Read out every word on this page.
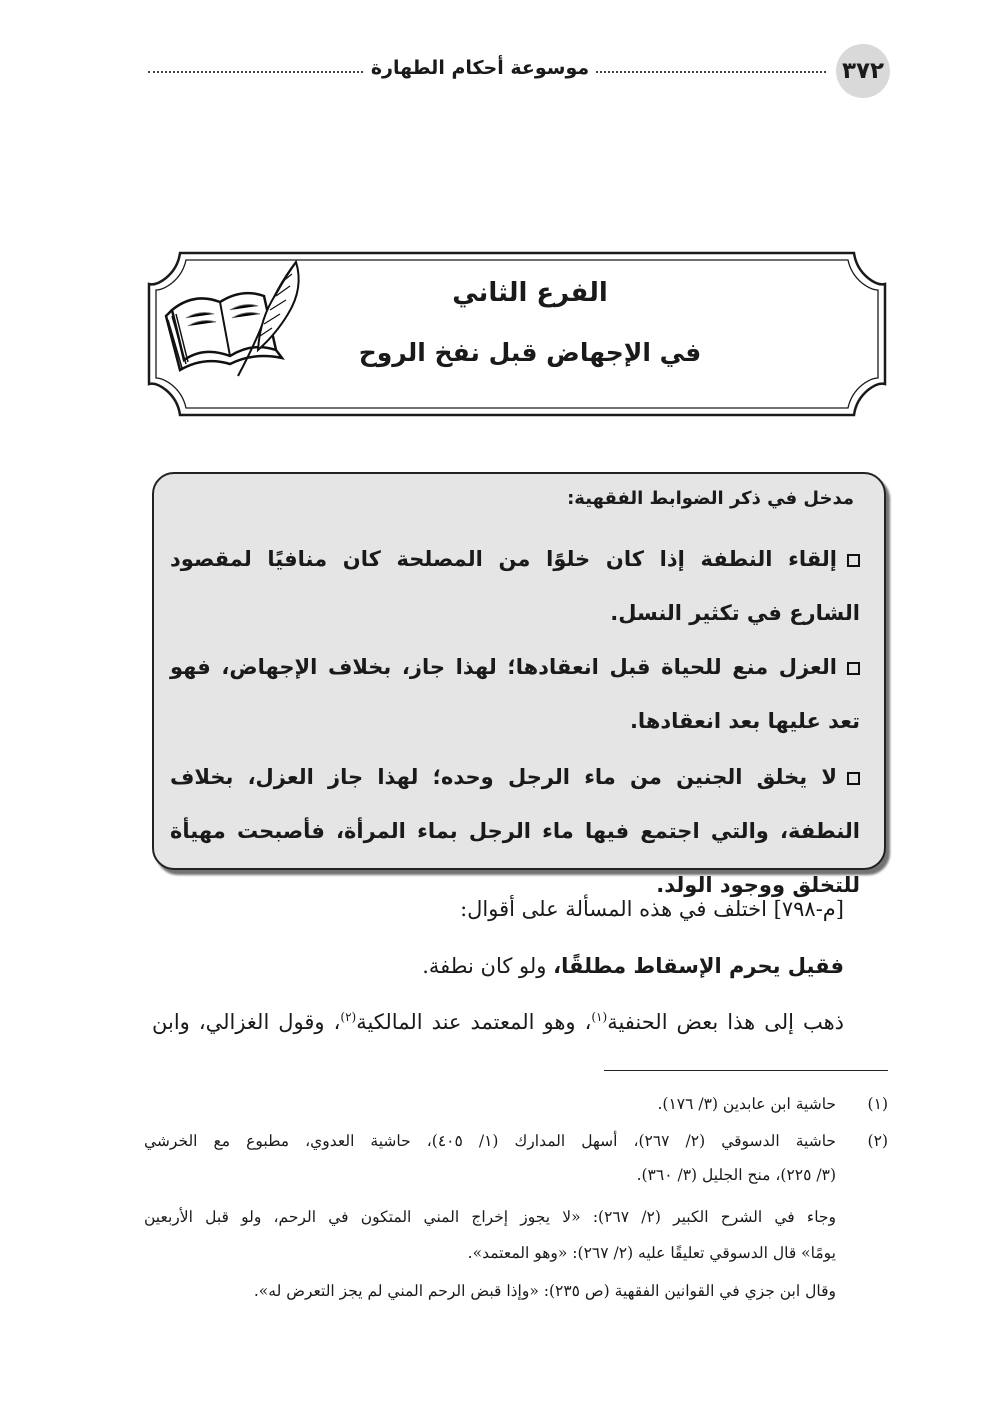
٣٧٢
موسوعة أحكام الطهارة
الفرع الثاني
في الإجهاض قبل نفخ الروح
مدخل في ذكر الضوابط الفقهية:
إلقاء النطفة إذا كان خلوًا من المصلحة كان منافيًا لمقصود الشارع في تكثير النسل.
العزل منع للحياة قبل انعقادها؛ لهذا جاز، بخلاف الإجهاض، فهو تعد عليها بعد انعقادها.
لا يخلق الجنين من ماء الرجل وحده؛ لهذا جاز العزل، بخلاف النطفة، والتي اجتمع فيها ماء الرجل بماء المرأة، فأصبحت مهيأة للتخلق ووجود الولد.
[م-٧٩٨] اختلف في هذه المسألة على أقوال:
فقيل يحرم الإسقاط مطلقًا، ولو كان نطفة.
ذهب إلى هذا بعض الحنفية$^{(١)}$، وهو المعتمد عند المالكية$^{(٢)}$، وقول الغزالي، وابن
(١)
حاشية ابن عابدين (٣/ ١٧٦).
(٢)
حاشية الدسوقي (٢/ ٢٦٧)، أسهل المدارك (١/ ٤٠٥)، حاشية العدوي، مطبوع مع الخرشي
(٣/ ٢٢٥)، منح الجليل (٣/ ٣٦٠).
وجاء في الشرح الكبير (٢/ ٢٦٧): «لا يجوز إخراج المني المتكون في الرحم، ولو قبل الأربعين
يومًا» قال الدسوقي تعليقًا عليه (٢/ ٢٦٧): «وهو المعتمد».
وقال ابن جزي في القوانين الفقهية (ص ٢٣٥): «وإذا قبض الرحم المني لم يجز التعرض له».
